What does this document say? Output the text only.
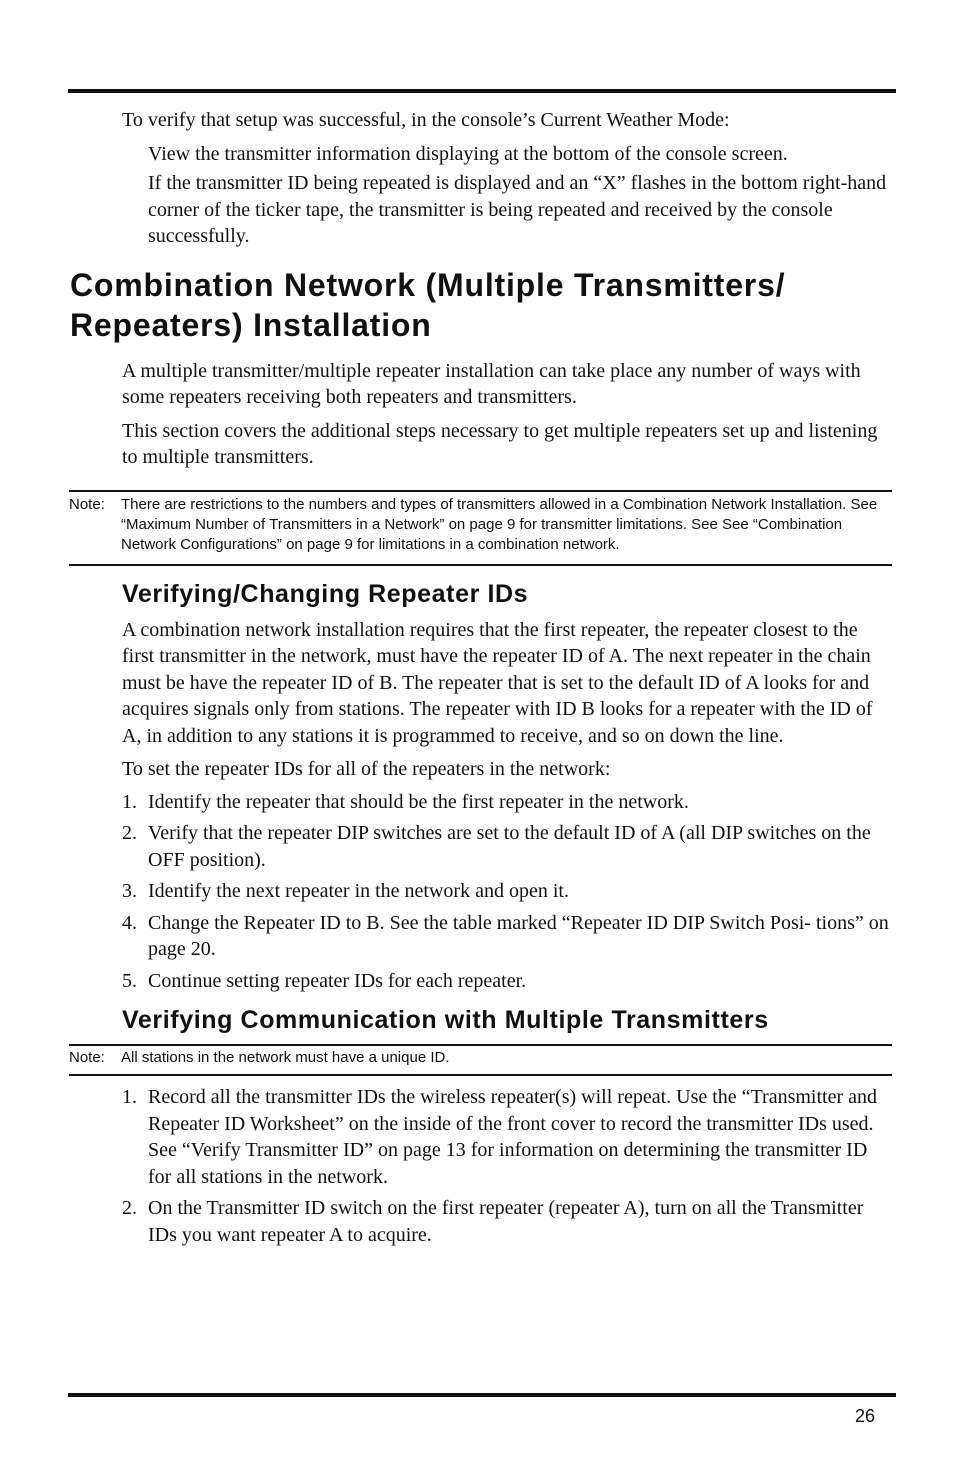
To verify that setup was successful, in the console’s Current Weather Mode:

View the transmitter information displaying at the bottom of the console screen.

If the transmitter ID being repeated is displayed and an “X” flashes in the bottom right-hand corner of the ticker tape, the transmitter is being repeated and received by the console successfully.

Combination Network (Multiple Transmitters/ Repeaters) Installation

A multiple transmitter/multiple repeater installation can take place any number of ways with some repeaters receiving both repeaters and transmitters.

This section covers the additional steps necessary to get multiple repeaters set up and listening to multiple transmitters.

Note:	There are restrictions to the numbers and types of transmitters allowed in a Combination Network Installation. See “Maximum Number of Transmitters in a Network” on page 9 for transmitter limitations. See See “Combination Network Configurations” on page 9 for limitations in a combination network.
Verifying/Changing Repeater IDs

A combination network installation requires that the first repeater, the repeater closest to the first transmitter in the network, must have the repeater ID of A. The next repeater in the chain must be have the repeater ID of B. The repeater that is set to the default ID of A looks for and acquires signals only from stations. The repeater with ID B looks for a repeater with the ID of A, in addition to any stations it is programmed to receive, and so on down the line.

To set the repeater IDs for all of the repeaters in the network:

1. Identify the repeater that should be the first repeater in the network.
2. Verify that the repeater DIP switches are set to the default ID of A (all DIP switches on the OFF position).
3. Identify the next repeater in the network and open it.
4. Change the Repeater ID to B. See the table marked “Repeater ID DIP Switch Posi- tions” on page 20.
5. Continue setting repeater IDs for each repeater.
Verifying Communication with Multiple Transmitters
Note:	All stations in the network must have a unique ID.
1. Record all the transmitter IDs the wireless repeater(s) will repeat. Use the “Transmitter and Repeater ID Worksheet” on the inside of the front cover to record the transmitter IDs used. See “Verify Transmitter ID” on page 13 for information on determining the transmitter ID for all stations in the network.
2. On the Transmitter ID switch on the first repeater (repeater A), turn on all the Transmitter IDs you want repeater A to acquire.
26
